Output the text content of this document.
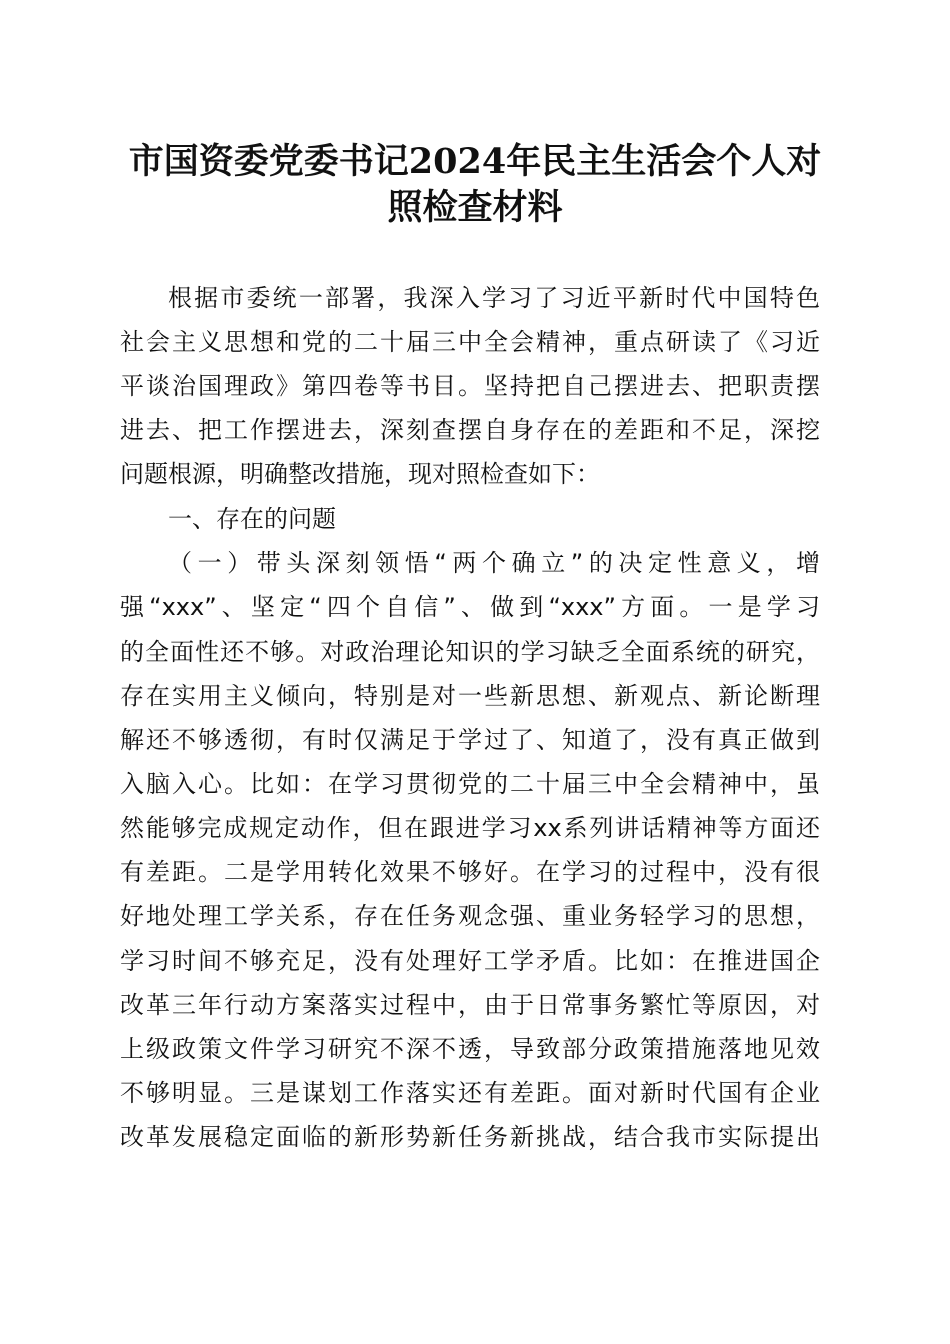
市国资委党委书记2024年民主生活会个人对
照检查材料
根据市委统一部署，我深入学习了习近平新时代中国特色
社会主义思想和党的二十届三中全会精神，重点研读了《习近
平谈治国理政》第四卷等书目。坚持把自己摆进去、把职责摆
进去、把工作摆进去，深刻查摆自身存在的差距和不足，深挖
问题根源，明确整改措施，现对照检查如下：
一、存在的问题
（一）带头深刻领悟“两个确立”的决定性意义，增
强“xxx”、坚定“四个自信”、做到“xxx”方面。一是学习
的全面性还不够。对政治理论知识的学习缺乏全面系统的研究，
存在实用主义倾向，特别是对一些新思想、新观点、新论断理
解还不够透彻，有时仅满足于学过了、知道了，没有真正做到
入脑入心。比如：在学习贯彻党的二十届三中全会精神中，虽
然能够完成规定动作，但在跟进学习xx系列讲话精神等方面还
有差距。二是学用转化效果不够好。在学习的过程中，没有很
好地处理工学关系，存在任务观念强、重业务轻学习的思想，
学习时间不够充足，没有处理好工学矛盾。比如：在推进国企
改革三年行动方案落实过程中，由于日常事务繁忙等原因，对
上级政策文件学习研究不深不透，导致部分政策措施落地见效
不够明显。三是谋划工作落实还有差距。面对新时代国有企业
改革发展稳定面临的新形势新任务新挑战，结合我市实际提出
